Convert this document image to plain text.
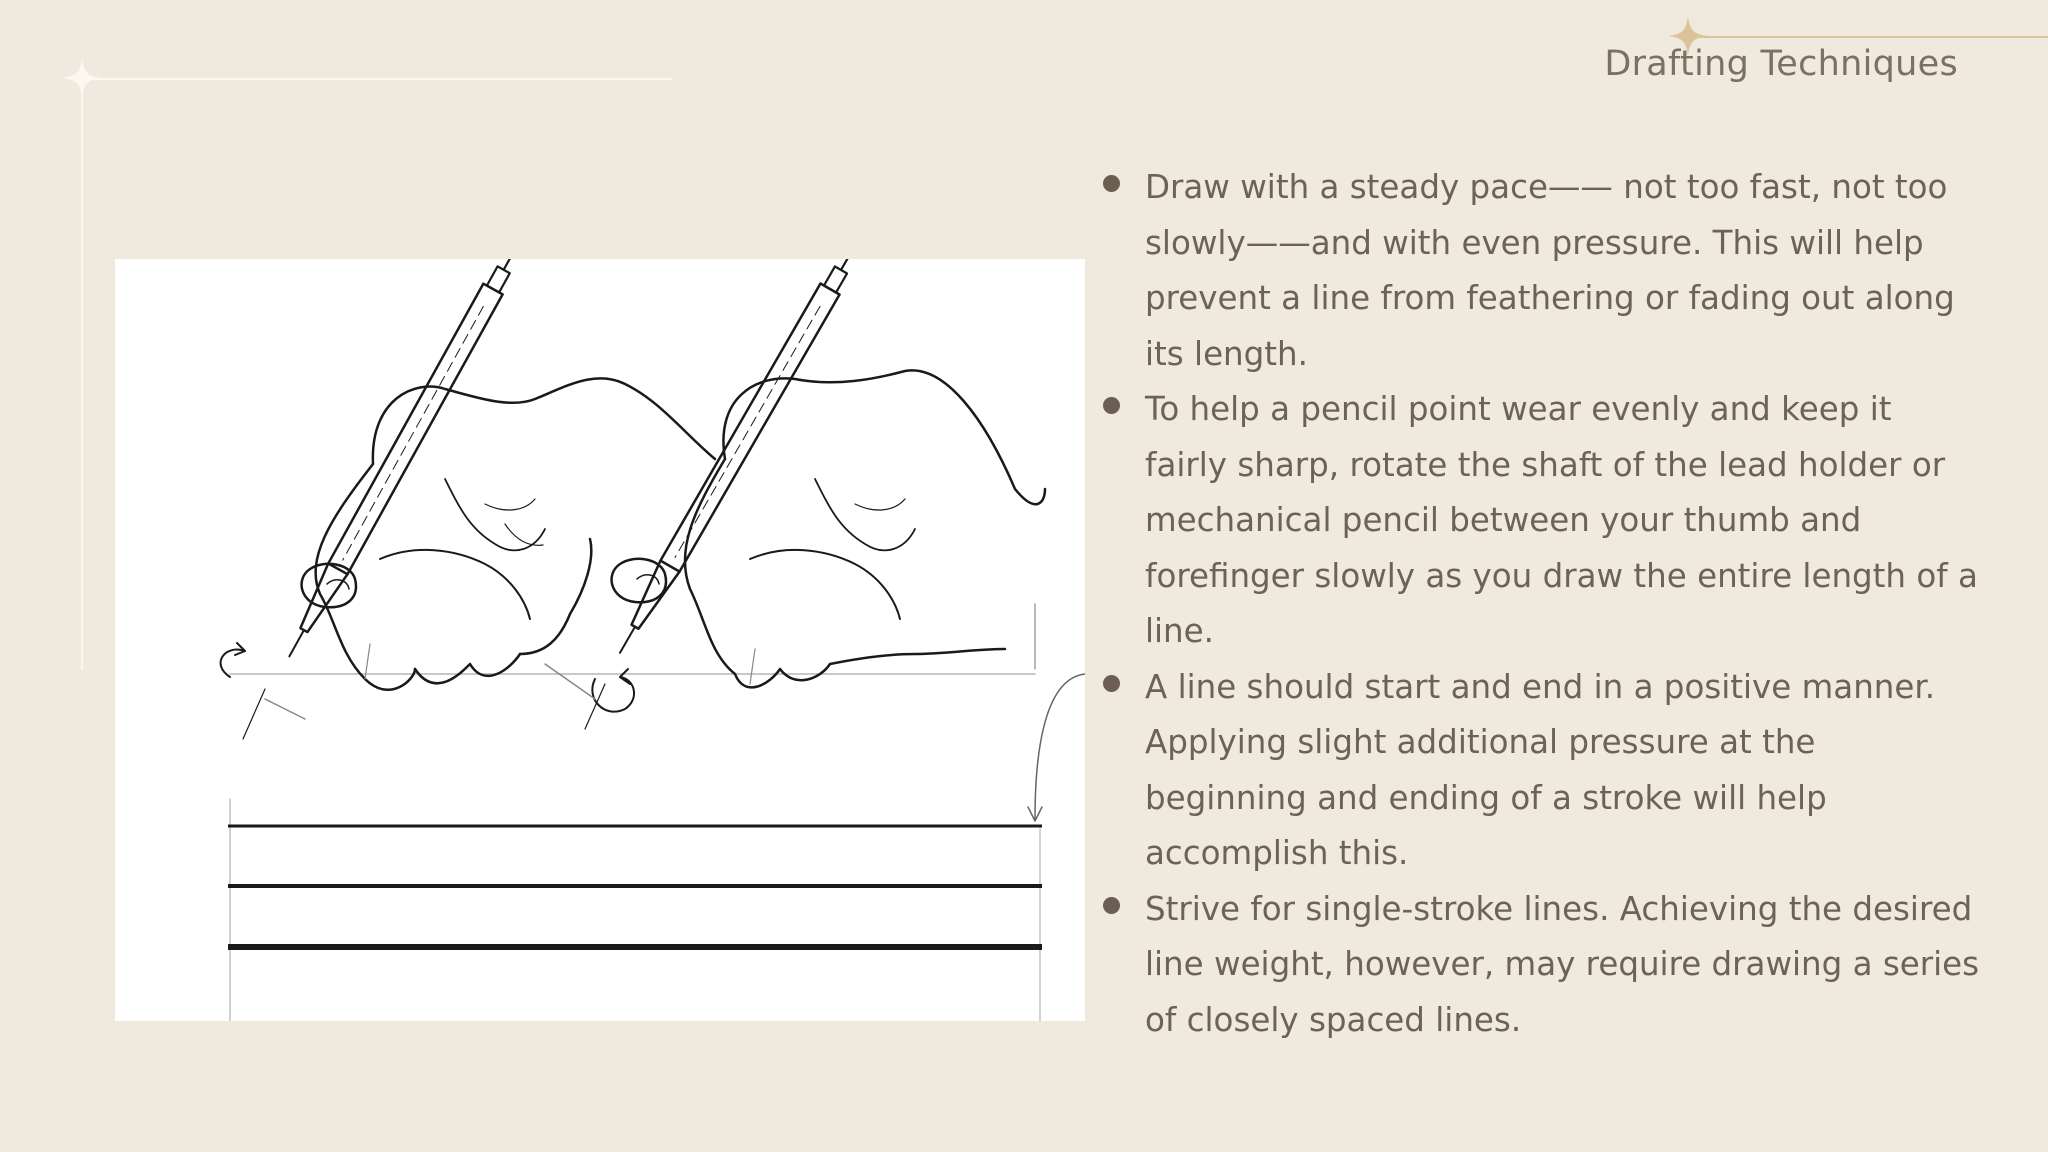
Drafting Techniques
Draw with a steady pace—— not too fast, not too slowly——and with even pressure. This will help prevent a line from feathering or fading out along its length.
To help a pencil point wear evenly and keep it fairly sharp, rotate the shaft of the lead holder or mechanical pencil between your thumb and forefinger slowly as you draw the entire length of a line.
A line should start and end in a positive manner. Applying slight additional pressure at the beginning and ending of a stroke will help accomplish this.
Strive for single-stroke lines. Achieving the desired line weight, however, may require drawing a series of closely spaced lines.
